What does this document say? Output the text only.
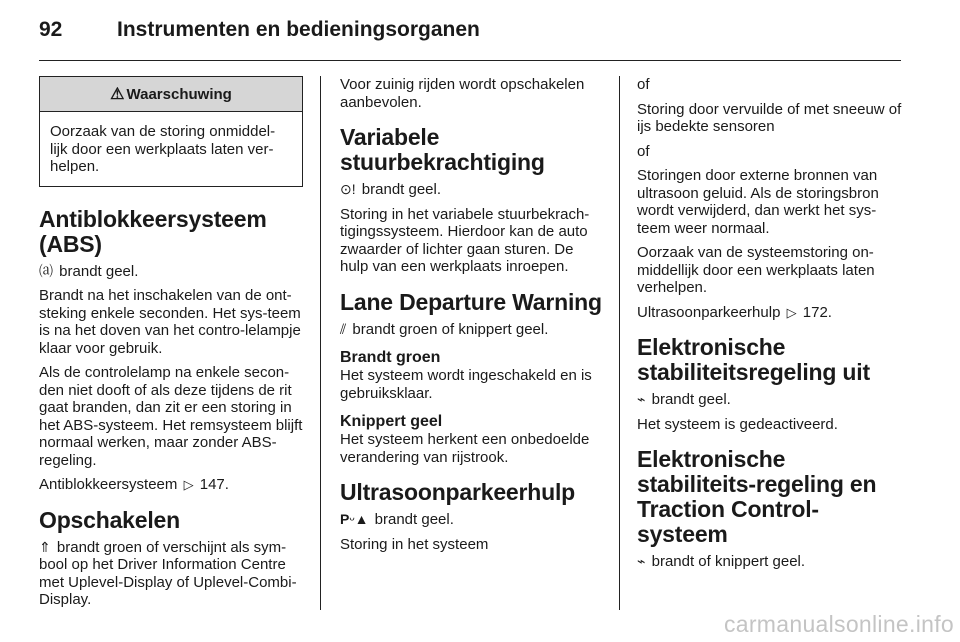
92	Instrumenten en bedieningsorganen
⚠ Waarschuwing
Oorzaak van de storing onmiddel-lijk door een werkplaats laten ver-helpen.
Antiblokkeersysteem (ABS)

⒜ brandt geel.

Brandt na het inschakelen van de ont-steking enkele seconden. Het sys-teem is na het doven van het contro-lelampje klaar voor gebruik.

Als de controlelamp na enkele secon-den niet dooft of als deze tijdens de rit gaat branden, dan zit er een storing in het ABS-systeem. Het remsysteem blijft normaal werken, maar zonder ABS-regeling.

Antiblokkeersysteem ▷ 147.

Opschakelen

⇑ brandt groen of verschijnt als sym-bool op het Driver Information Centre met Uplevel-Display of Uplevel-Combi-Display.

Voor zuinig rijden wordt opschakelen aanbevolen.

Variabele stuurbekrachtiging

⊙! brandt geel.

Storing in het variabele stuurbekrach-tigingssysteem. Hierdoor kan de auto zwaarder of lichter gaan sturen. De hulp van een werkplaats inroepen.

Lane Departure Warning

⫽ brandt groen of knippert geel.

Brandt groen

Het systeem wordt ingeschakeld en is gebruiksklaar.

Knippert geel

Het systeem herkent een onbedoelde verandering van rijstrook.

Ultrasoonparkeerhulp

Pᵕ▲ brandt geel.

Storing in het systeem

of

Storing door vervuilde of met sneeuw of ijs bedekte sensoren

of

Storingen door externe bronnen van ultrasoon geluid. Als de storingsbron wordt verwijderd, dan werkt het sys-teem weer normaal.

Oorzaak van de systeemstoring on-middellijk door een werkplaats laten verhelpen.

Ultrasoonparkeerhulp ▷ 172.

Elektronische stabiliteitsregeling uit

⌁ brandt geel.

Het systeem is gedeactiveerd.

Elektronische stabiliteits-regeling en Traction Control-systeem

⌁ brandt of knippert geel.

carmanualsonline.info
